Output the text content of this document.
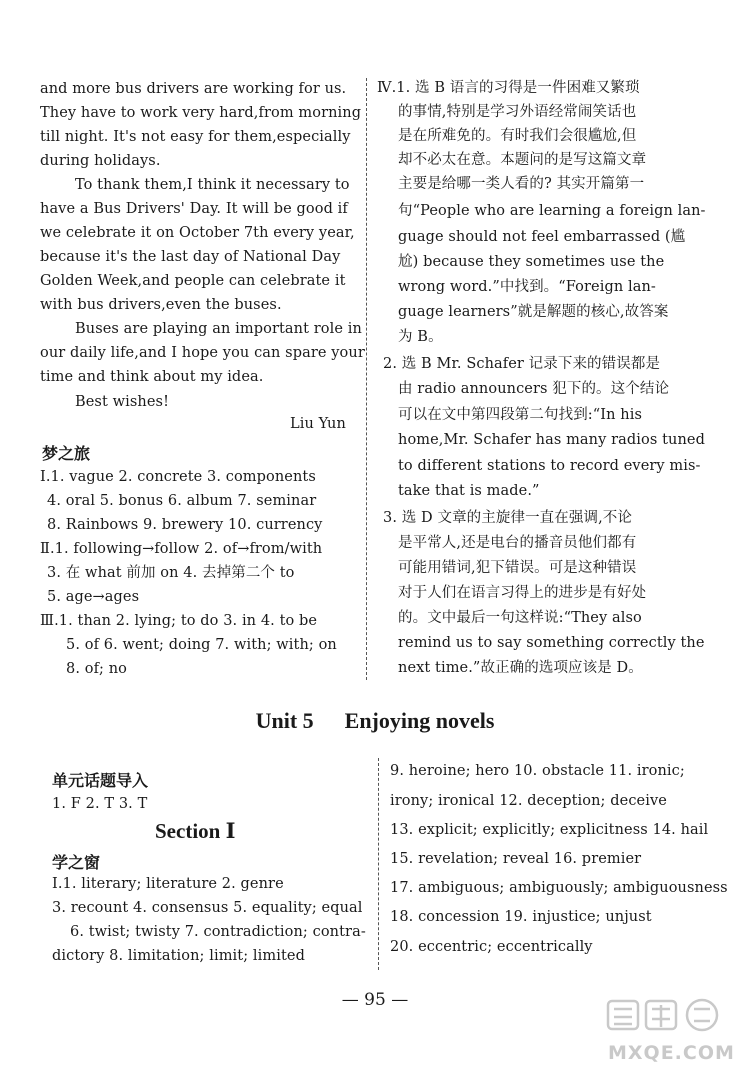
and more bus drivers are working for us.
They have to work very hard,from morning
till night. It's not easy for them,especially
during holidays.
To thank them,I think it necessary to
have a Bus Drivers' Day. It will be good if
we celebrate it on October 7th every year,
because it's the last day of National Day
Golden Week,and people can celebrate it
with bus drivers,even the buses.
Buses are playing an important role in
our daily life,and I hope you can spare your
time and think about my idea.
Best wishes!
Liu Yun
梦之旅
Ⅰ.1. vague 2. concrete 3. components
4. oral 5. bonus 6. album 7. seminar
8. Rainbows 9. brewery 10. currency
Ⅱ.1. following→follow 2. of→from/with
3. 在 what 前加 on 4. 去掉第二个 to
5. age→ages
Ⅲ.1. than 2. lying; to do 3. in 4. to be
5. of 6. went; doing 7. with; with; on
8. of; no
Ⅳ.1. 选 B 语言的习得是一件困难又繁琐
的事情,特别是学习外语经常闹笑话也
是在所难免的。有时我们会很尴尬,但
却不必太在意。本题问的是写这篇文章
主要是给哪一类人看的? 其实开篇第一
句“People who are learning a foreign lan-
guage should not feel embarrassed (尴
尬) because they sometimes use the
wrong word.”中找到。“Foreign lan-
guage learners”就是解题的核心,故答案
为 B。
2. 选 B Mr. Schafer 记录下来的错误都是
由 radio announcers 犯下的。这个结论
可以在文中第四段第二句找到:“In his
home,Mr. Schafer has many radios tuned
to different stations to record every mis-
take that is made.”
3. 选 D 文章的主旋律一直在强调,不论
是平常人,还是电台的播音员他们都有
可能用错词,犯下错误。可是这种错误
对于人们在语言习得上的进步是有好处
的。文中最后一句这样说:“They also
remind us to say something correctly the
next time.”故正确的选项应该是 D。
Unit 5 Enjoying novels
单元话题导入
1. F 2. T 3. T
Section Ⅰ
学之窗
Ⅰ.1. literary; literature 2. genre
3. recount 4. consensus 5. equality; equal
6. twist; twisty 7. contradiction; contra-
dictory 8. limitation; limit; limited
9. heroine; hero 10. obstacle 11. ironic;
irony; ironical 12. deception; deceive
13. explicit; explicitly; explicitness 14. hail
15. revelation; reveal 16. premier
17. ambiguous; ambiguously; ambiguousness
18. concession 19. injustice; unjust
20. eccentric; eccentrically
— 95 —
MXQE.COM
